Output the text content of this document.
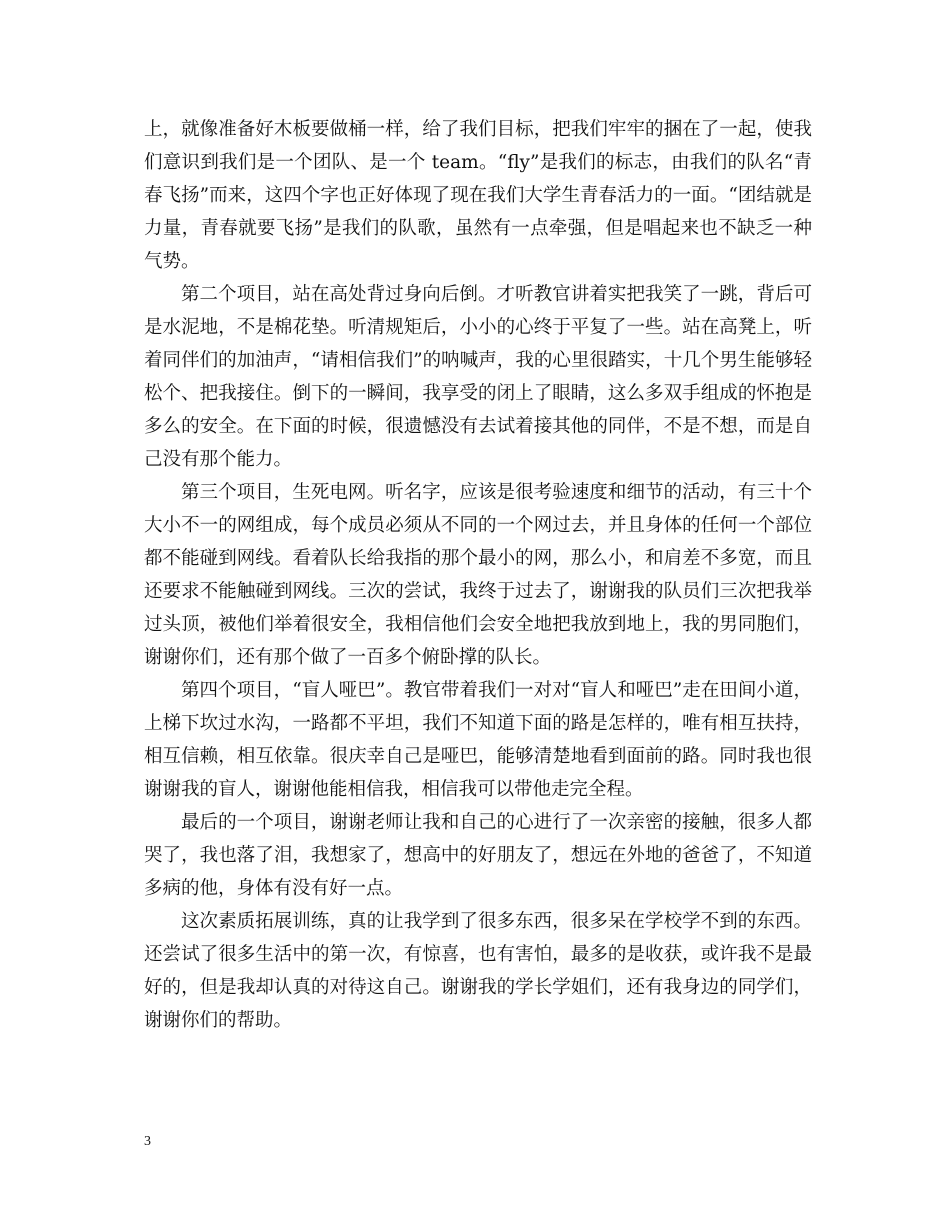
上，就像准备好木板要做桶一样，给了我们目标，把我们牢牢的捆在了一起，使我们意识到我们是一个团队、是一个 team。“fly”是我们的标志，由我们的队名“青春飞扬”而来，这四个字也正好体现了现在我们大学生青春活力的一面。“团结就是力量，青春就要飞扬”是我们的队歌，虽然有一点牵强，但是唱起来也不缺乏一种气势。

第二个项目，站在高处背过身向后倒。才听教官讲着实把我笑了一跳，背后可是水泥地，不是棉花垫。听清规矩后，小小的心终于平复了一些。站在高凳上，听着同伴们的加油声，“请相信我们”的呐喊声，我的心里很踏实，十几个男生能够轻松个、把我接住。倒下的一瞬间，我享受的闭上了眼睛，这么多双手组成的怀抱是多么的安全。在下面的时候，很遗憾没有去试着接其他的同伴，不是不想，而是自己没有那个能力。

第三个项目，生死电网。听名字，应该是很考验速度和细节的活动，有三十个大小不一的网组成，每个成员必须从不同的一个网过去，并且身体的任何一个部位都不能碰到网线。看着队长给我指的那个最小的网，那么小，和肩差不多宽，而且还要求不能触碰到网线。三次的尝试，我终于过去了，谢谢我的队员们三次把我举过头顶，被他们举着很安全，我相信他们会安全地把我放到地上，我的男同胞们，谢谢你们，还有那个做了一百多个俯卧撑的队长。

第四个项目，“盲人哑巴”。教官带着我们一对对“盲人和哑巴”走在田间小道，上梯下坎过水沟，一路都不平坦，我们不知道下面的路是怎样的，唯有相互扶持，相互信赖，相互依靠。很庆幸自己是哑巴，能够清楚地看到面前的路。同时我也很谢谢我的盲人，谢谢他能相信我，相信我可以带他走完全程。

最后的一个项目，谢谢老师让我和自己的心进行了一次亲密的接触，很多人都哭了，我也落了泪，我想家了，想高中的好朋友了，想远在外地的爸爸了，不知道多病的他，身体有没有好一点。

这次素质拓展训练，真的让我学到了很多东西，很多呆在学校学不到的东西。还尝试了很多生活中的第一次，有惊喜，也有害怕，最多的是收获，或许我不是最好的，但是我却认真的对待这自己。谢谢我的学长学姐们，还有我身边的同学们，谢谢你们的帮助。

3
